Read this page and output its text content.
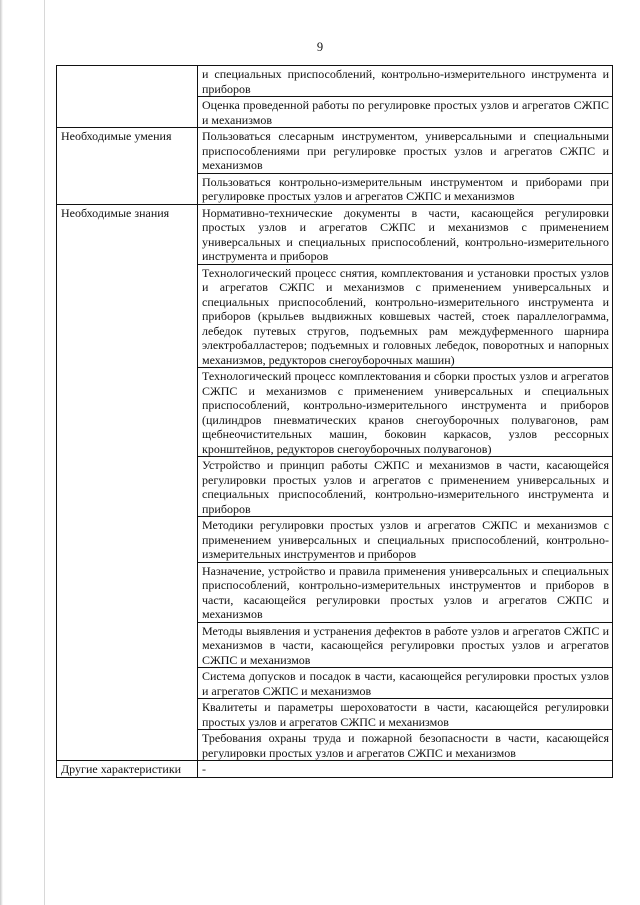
9
	и специальных приспособлений, контрольно-измерительного инструмента и приборов
	Оценка проведенной работы по регулировке простых узлов и агрегатов СЖПС и механизмов
Необходимые умения	Пользоваться слесарным инструментом, универсальными и специальными приспособлениями при регулировке простых узлов и агрегатов СЖПС и механизмов
	Пользоваться контрольно-измерительным инструментом и приборами при регулировке простых узлов и агрегатов СЖПС и механизмов
Необходимые знания	Нормативно-технические документы в части, касающейся регулировки простых узлов и агрегатов СЖПС и механизмов с применением универсальных и специальных приспособлений, контрольно-измерительного инструмента и приборов
	Технологический процесс снятия, комплектования и установки простых узлов и агрегатов СЖПС и механизмов с применением универсальных и специальных приспособлений, контрольно-измерительного инструмента и приборов (крыльев выдвижных ковшевых частей, стоек параллелограмма, лебедок путевых стругов, подъемных рам междуферменного шарнира электробалластеров; подъемных и головных лебедок, поворотных и напорных механизмов, редукторов снегоуборочных машин)
	Технологический процесс комплектования и сборки простых узлов и агрегатов СЖПС и механизмов с применением универсальных и специальных приспособлений, контрольно-измерительного инструмента и приборов (цилиндров пневматических кранов снегоуборочных полувагонов, рам щебнеочистительных машин, боковин каркасов, узлов рессорных кронштейнов, редукторов снегоуборочных полувагонов)
	Устройство и принцип работы СЖПС и механизмов в части, касающейся регулировки простых узлов и агрегатов с применением универсальных и специальных приспособлений, контрольно-измерительного инструмента и приборов
	Методики регулировки простых узлов и агрегатов СЖПС и механизмов с применением универсальных и специальных приспособлений, контрольно-измерительных инструментов и приборов
	Назначение, устройство и правила применения универсальных и специальных приспособлений, контрольно-измерительных инструментов и приборов в части, касающейся регулировки простых узлов и агрегатов СЖПС и механизмов
	Методы выявления и устранения дефектов в работе узлов и агрегатов СЖПС и механизмов в части, касающейся регулировки простых узлов и агрегатов СЖПС и механизмов
	Система допусков и посадок в части, касающейся регулировки простых узлов и агрегатов СЖПС и механизмов
	Квалитеты и параметры шероховатости в части, касающейся регулировки простых узлов и агрегатов СЖПС и механизмов
	Требования охраны труда и пожарной безопасности в части, касающейся регулировки простых узлов и агрегатов СЖПС и механизмов
Другие характеристики	-
